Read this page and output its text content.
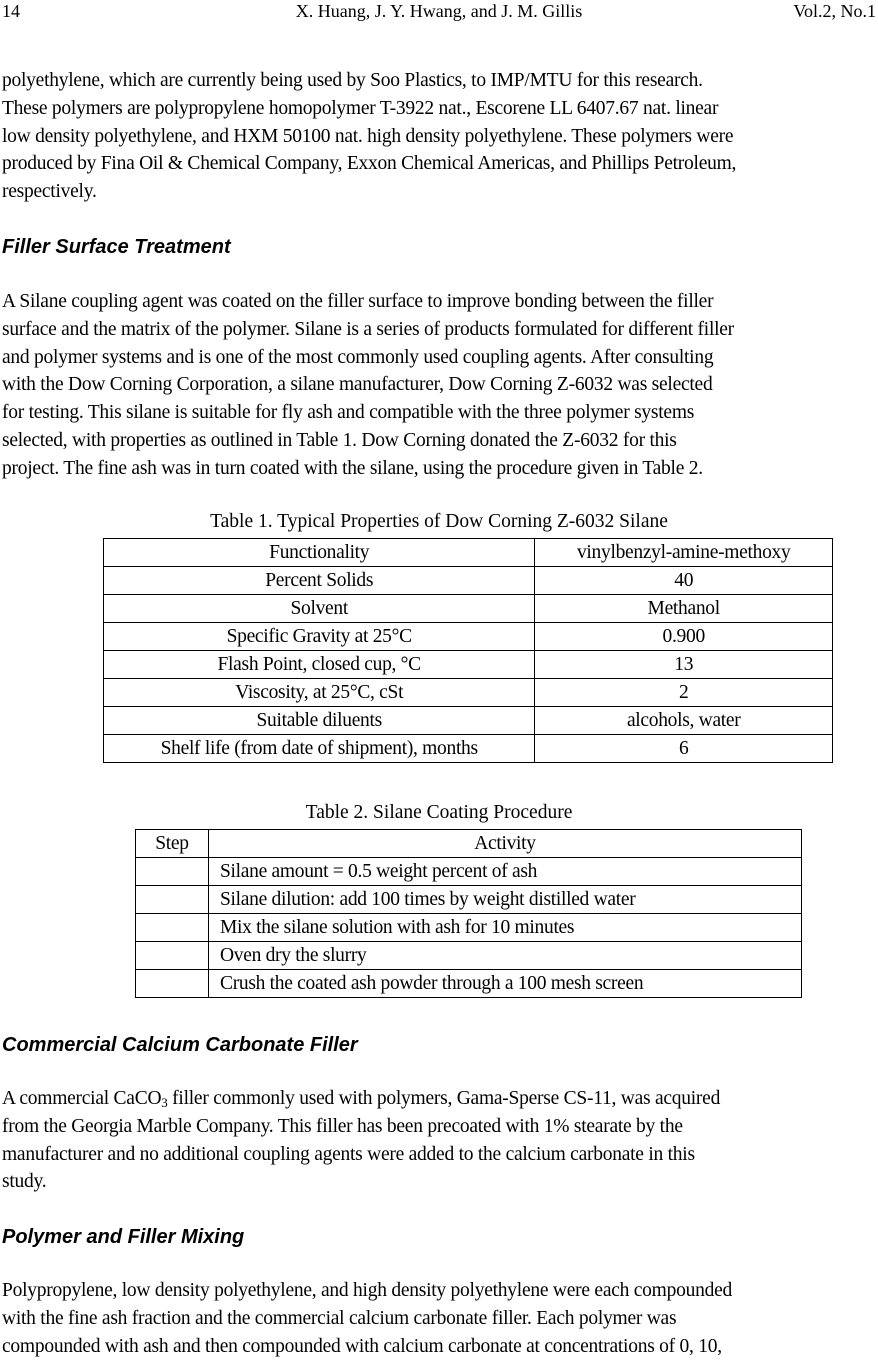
14	X. Huang, J. Y. Hwang, and J. M. Gillis	Vol.2, No.1

polyethylene, which are currently being used by Soo Plastics, to IMP/MTU for this research.
These polymers are polypropylene homopolymer T-3922 nat., Escorene LL 6407.67 nat. linear
low density polyethylene, and HXM 50100 nat. high density polyethylene. These polymers were
produced by Fina Oil & Chemical Company, Exxon Chemical Americas, and Phillips Petroleum,
respectively.

Filler Surface Treatment

A Silane coupling agent was coated on the filler surface to improve bonding between the filler
surface and the matrix of the polymer. Silane is a series of products formulated for different filler
and polymer systems and is one of the most commonly used coupling agents. After consulting
with the Dow Corning Corporation, a silane manufacturer, Dow Corning Z-6032 was selected
for testing. This silane is suitable for fly ash and compatible with the three polymer systems
selected, with properties as outlined in Table 1. Dow Corning donated the Z-6032 for this
project. The fine ash was in turn coated with the silane, using the procedure given in Table 2.

Table 1. Typical Properties of Dow Corning Z-6032 Silane

Functionality	vinylbenzyl-amine-methoxy
Percent Solids	40
Solvent	Methanol
Specific Gravity at 25°C	0.900
Flash Point, closed cup, °C	13
Viscosity, at 25°C, cSt	2
Suitable diluents	alcohols, water
Shelf life (from date of shipment), months	6

Table 2. Silane Coating Procedure

Step	Activity
	Silane amount = 0.5 weight percent of ash
	Silane dilution: add 100 times by weight distilled water
	Mix the silane solution with ash for 10 minutes
	Oven dry the slurry
	Crush the coated ash powder through a 100 mesh screen
Commercial Calcium Carbonate Filler

A commercial CaCO$_3$ filler commonly used with polymers, Gama-Sperse CS-11, was acquired
from the Georgia Marble Company. This filler has been precoated with 1% stearate by the
manufacturer and no additional coupling agents were added to the calcium carbonate in this
study.

Polymer and Filler Mixing

Polypropylene, low density polyethylene, and high density polyethylene were each compounded
with the fine ash fraction and the commercial calcium carbonate filler. Each polymer was
compounded with ash and then compounded with calcium carbonate at concentrations of 0, 10,
